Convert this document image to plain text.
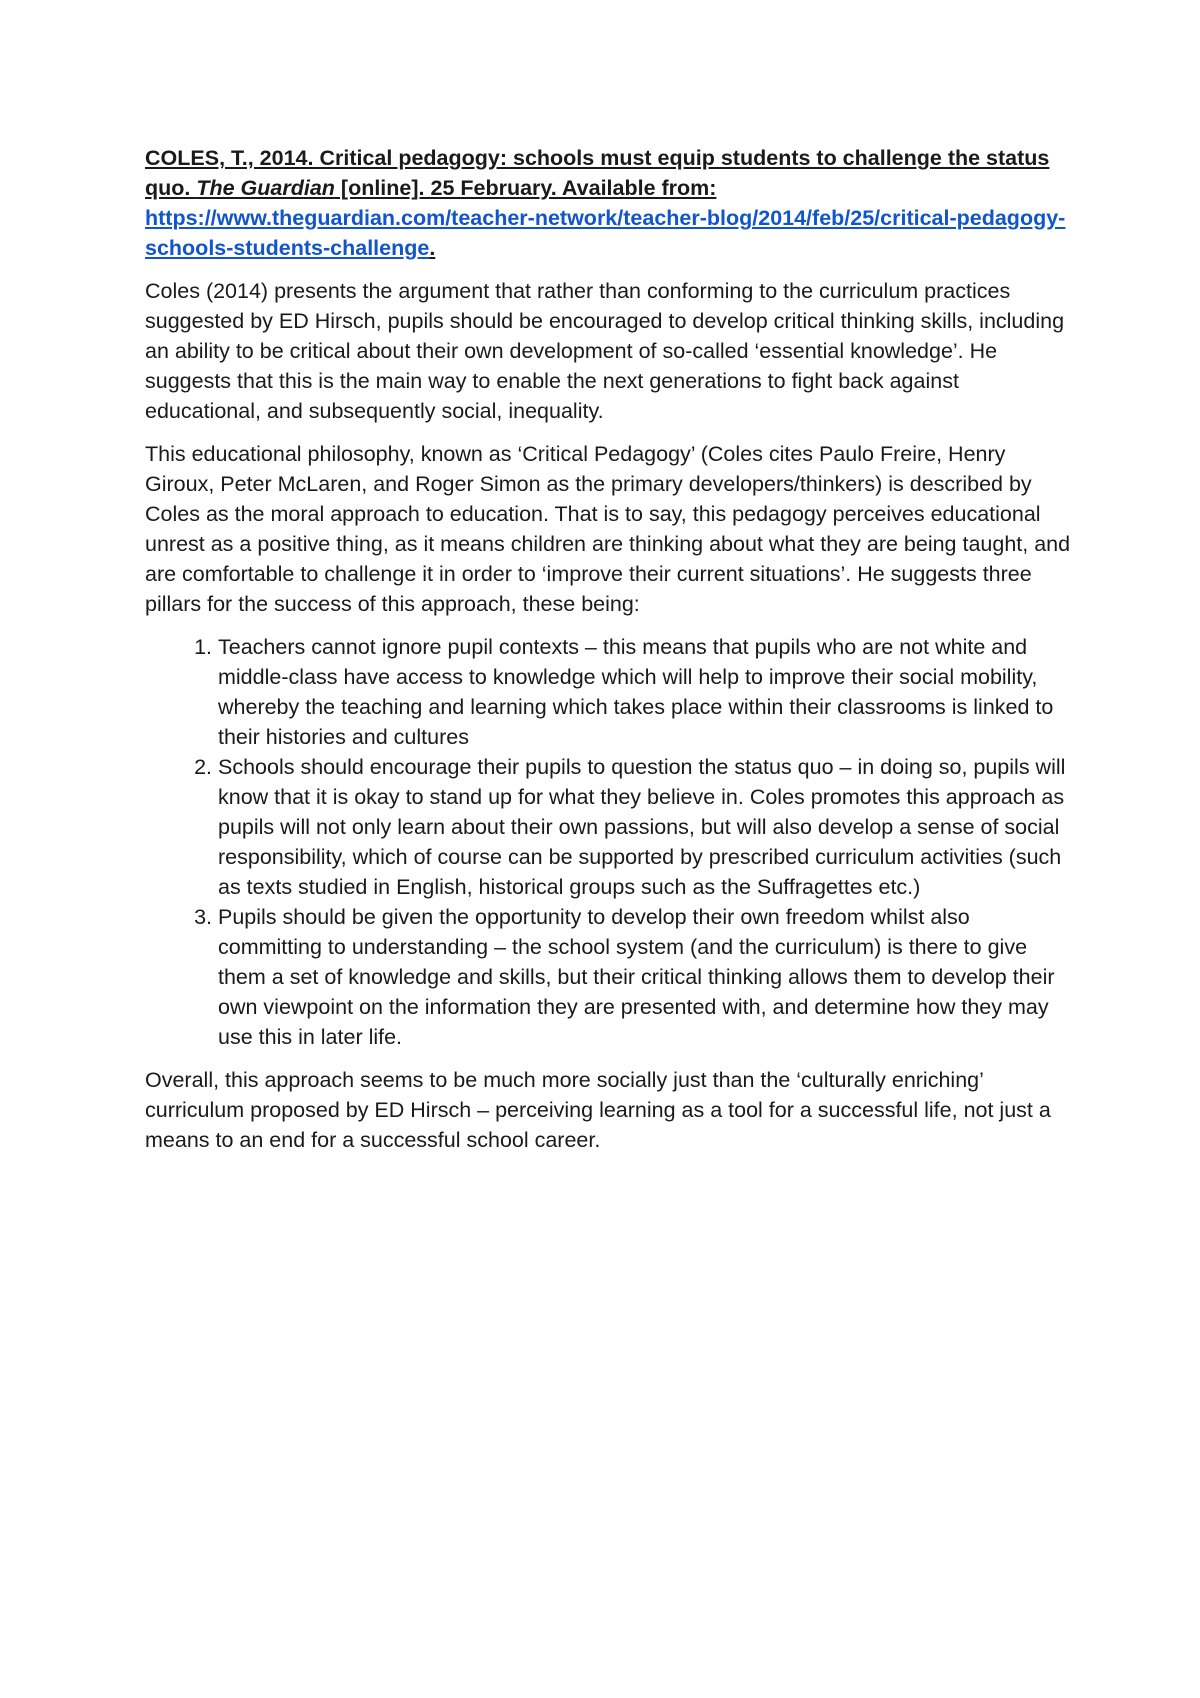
COLES, T., 2014. Critical pedagogy: schools must equip students to challenge the status quo. The Guardian [online]. 25 February. Available from: https://www.theguardian.com/teacher-network/teacher-blog/2014/feb/25/critical-pedagogy-schools-students-challenge.

Coles (2014) presents the argument that rather than conforming to the curriculum practices suggested by ED Hirsch, pupils should be encouraged to develop critical thinking skills, including an ability to be critical about their own development of so-called ‘essential knowledge’. He suggests that this is the main way to enable the next generations to fight back against educational, and subsequently social, inequality.

This educational philosophy, known as ‘Critical Pedagogy’ (Coles cites Paulo Freire, Henry Giroux, Peter McLaren, and Roger Simon as the primary developers/thinkers) is described by Coles as the moral approach to education. That is to say, this pedagogy perceives educational unrest as a positive thing, as it means children are thinking about what they are being taught, and are comfortable to challenge it in order to ‘improve their current situations’. He suggests three pillars for the success of this approach, these being:

1. Teachers cannot ignore pupil contexts – this means that pupils who are not white and middle-class have access to knowledge which will help to improve their social mobility, whereby the teaching and learning which takes place within their classrooms is linked to their histories and cultures
2. Schools should encourage their pupils to question the status quo – in doing so, pupils will know that it is okay to stand up for what they believe in. Coles promotes this approach as pupils will not only learn about their own passions, but will also develop a sense of social responsibility, which of course can be supported by prescribed curriculum activities (such as texts studied in English, historical groups such as the Suffragettes etc.)
3. Pupils should be given the opportunity to develop their own freedom whilst also committing to understanding – the school system (and the curriculum) is there to give them a set of knowledge and skills, but their critical thinking allows them to develop their own viewpoint on the information they are presented with, and determine how they may use this in later life.

Overall, this approach seems to be much more socially just than the ‘culturally enriching’ curriculum proposed by ED Hirsch – perceiving learning as a tool for a successful life, not just a means to an end for a successful school career.
